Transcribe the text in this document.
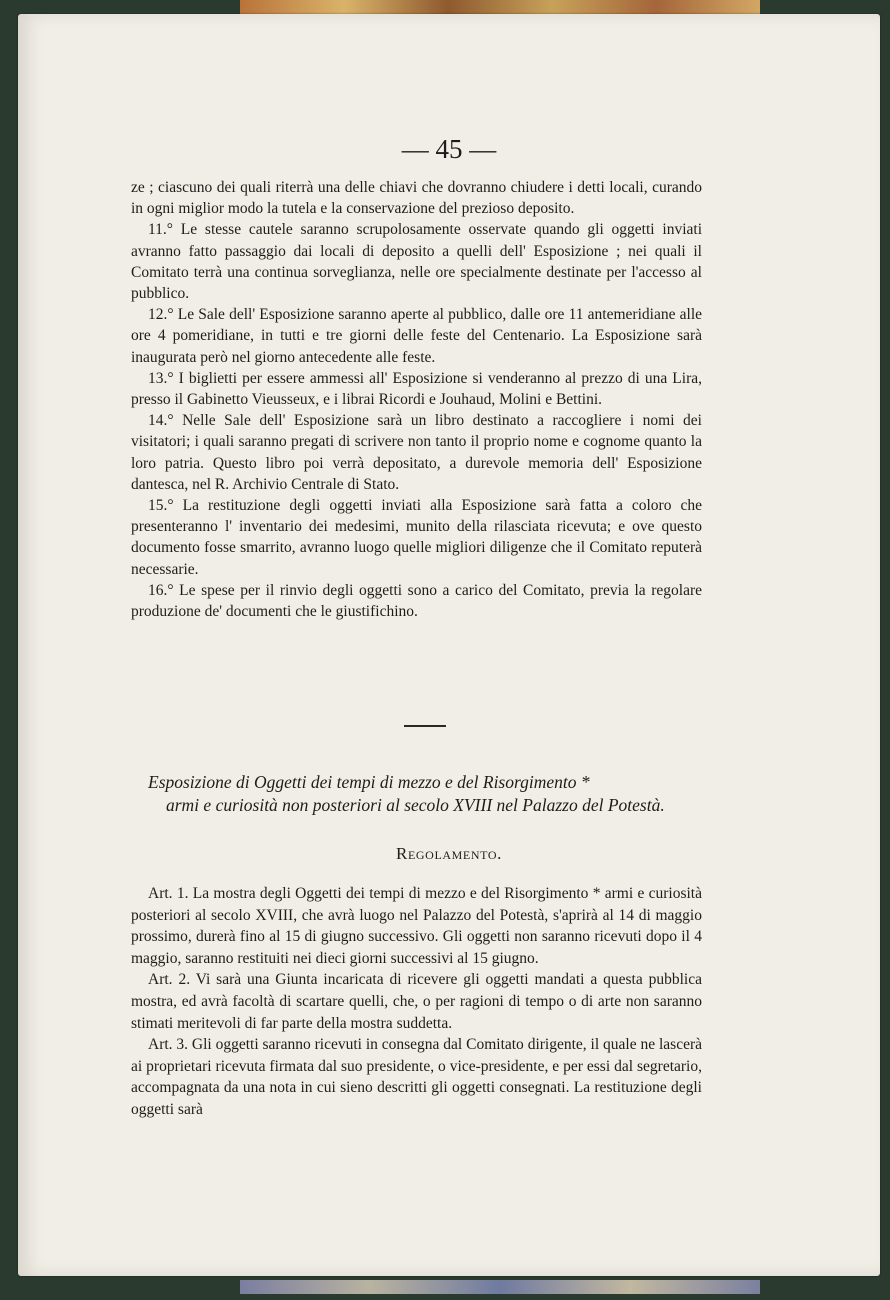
— 45 —

ze ; ciascuno dei quali riterrà una delle chiavi che dovranno chiudere i detti locali, curando in ogni miglior modo la tutela e la conservazione del prezioso deposito.

11.° Le stesse cautele saranno scrupolosamente osservate quando gli oggetti inviati avranno fatto passaggio dai locali di deposito a quelli dell' Esposizione ; nei quali il Comitato terrà una continua sorveglianza, nelle ore specialmente destinate per l'accesso al pubblico.

12.° Le Sale dell' Esposizione saranno aperte al pubblico, dalle ore 11 antemeridiane alle ore 4 pomeridiane, in tutti e tre giorni delle feste del Centenario. La Esposizione sarà inaugurata però nel giorno antecedente alle feste.

13.° I biglietti per essere ammessi all' Esposizione si venderanno al prezzo di una Lira, presso il Gabinetto Vieusseux, e i librai Ricordi e Jouhaud, Molini e Bettini.

14.° Nelle Sale dell' Esposizione sarà un libro destinato a raccogliere i nomi dei visitatori; i quali saranno pregati di scrivere non tanto il proprio nome e cognome quanto la loro patria. Questo libro poi verrà depositato, a durevole memoria dell' Esposizione dantesca, nel R. Archivio Centrale di Stato.

15.° La restituzione degli oggetti inviati alla Esposizione sarà fatta a coloro che presenteranno l' inventario dei medesimi, munito della rilasciata ricevuta; e ove questo documento fosse smarrito, avranno luogo quelle migliori diligenze che il Comitato reputerà necessarie.

16.° Le spese per il rinvio degli oggetti sono a carico del Comitato, previa la regolare produzione de' documenti che le giustifichino.

Esposizione di Oggetti dei tempi di mezzo e del Risorgimento *

armi e curiosità non posteriori al secolo XVIII nel Palazzo del Potestà.

Regolamento.

Art. 1. La mostra degli Oggetti dei tempi di mezzo e del Risorgimento * armi e curiosità posteriori al secolo XVIII, che avrà luogo nel Palazzo del Potestà, s'aprirà al 14 di maggio prossimo, durerà fino al 15 di giugno successivo. Gli oggetti non saranno ricevuti dopo il 4 maggio, saranno restituiti nei dieci giorni successivi al 15 giugno.

Art. 2. Vi sarà una Giunta incaricata di ricevere gli oggetti mandati a questa pubblica mostra, ed avrà facoltà di scartare quelli, che, o per ragioni di tempo o di arte non saranno stimati meritevoli di far parte della mostra suddetta.

Art. 3. Gli oggetti saranno ricevuti in consegna dal Comitato dirigente, il quale ne lascerà ai proprietari ricevuta firmata dal suo presidente, o vice-presidente, e per essi dal segretario, accompagnata da una nota in cui sieno descritti gli oggetti consegnati. La restituzione degli oggetti sarà
